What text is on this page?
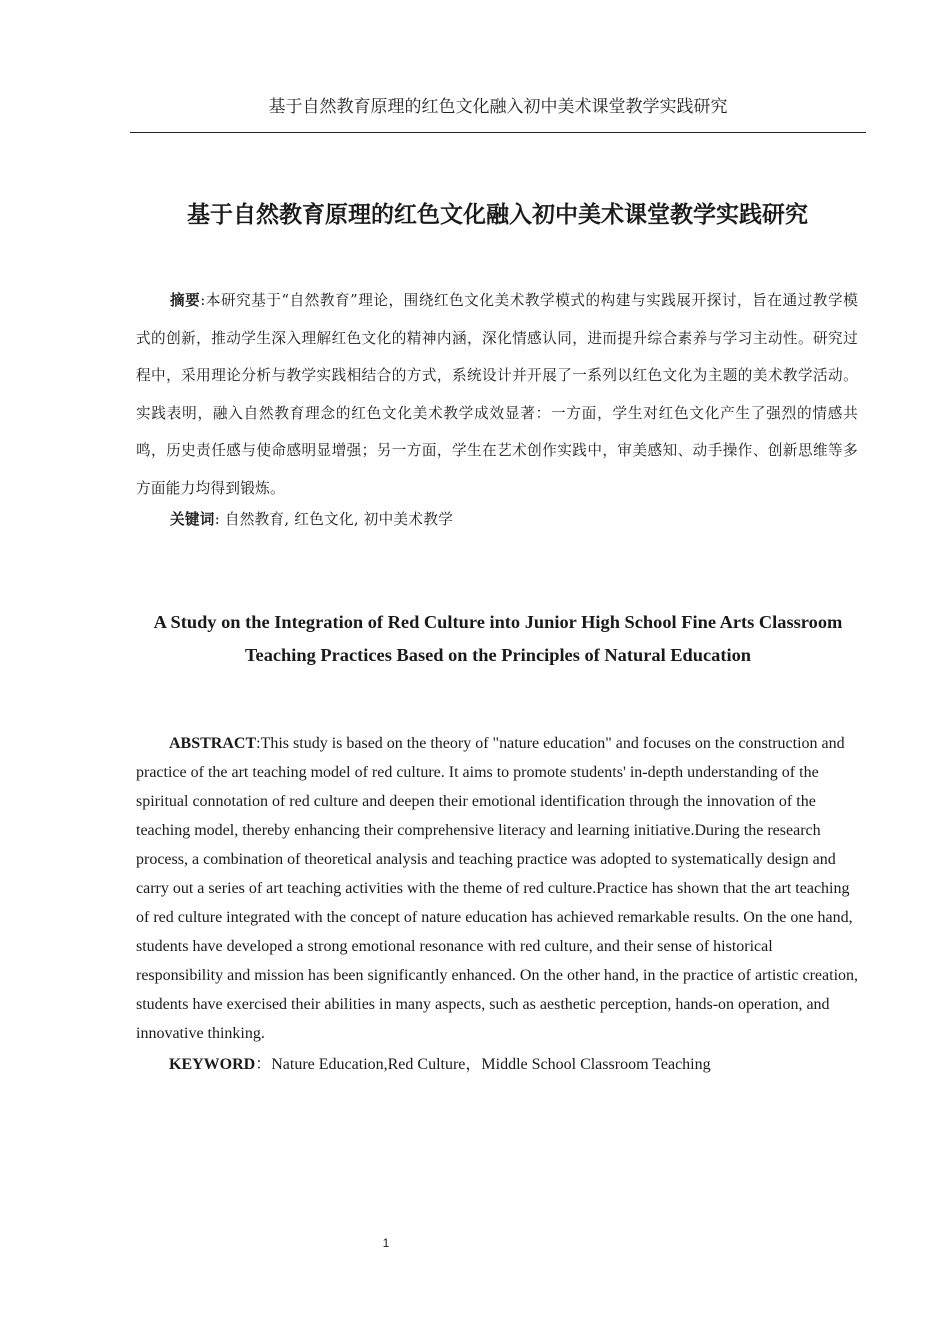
基于自然教育原理的红色文化融入初中美术课堂教学实践研究
基于自然教育原理的红色文化融入初中美术课堂教学实践研究
摘要:本研究基于“自然教育”理论，围绕红色文化美术教学模式的构建与实践展开探讨，旨在通过教学模式的创新，推动学生深入理解红色文化的精神内涵，深化情感认同，进而提升综合素养与学习主动性。研究过程中，采用理论分析与教学实践相结合的方式，系统设计并开展了一系列以红色文化为主题的美术教学活动。实践表明，融入自然教育理念的红色文化美术教学成效显著：一方面，学生对红色文化产生了强烈的情感共鸣，历史责任感与使命感明显增强；另一方面，学生在艺术创作实践中，审美感知、动手操作、创新思维等多方面能力均得到锻炼。
关键词: 自然教育, 红色文化, 初中美术教学
A Study on the Integration of Red Culture into Junior High School Fine Arts Classroom
Teaching Practices Based on the Principles of Natural Education
ABSTRACT:This study is based on the theory of "nature education" and focuses on the construction and practice of the art teaching model of red culture. It aims to promote students' in-depth understanding of the spiritual connotation of red culture and deepen their emotional identification through the innovation of the teaching model, thereby enhancing their comprehensive literacy and learning initiative.During the research process, a combination of theoretical analysis and teaching practice was adopted to systematically design and carry out a series of art teaching activities with the theme of red culture.Practice has shown that the art teaching of red culture integrated with the concept of nature education has achieved remarkable results. On the one hand, students have developed a strong emotional resonance with red culture, and their sense of historical responsibility and mission has been significantly enhanced. On the other hand, in the practice of artistic creation, students have exercised their abilities in many aspects, such as aesthetic perception, hands-on operation, and innovative thinking.
KEYWORD：Nature Education,Red Culture，Middle School Classroom Teaching
1
